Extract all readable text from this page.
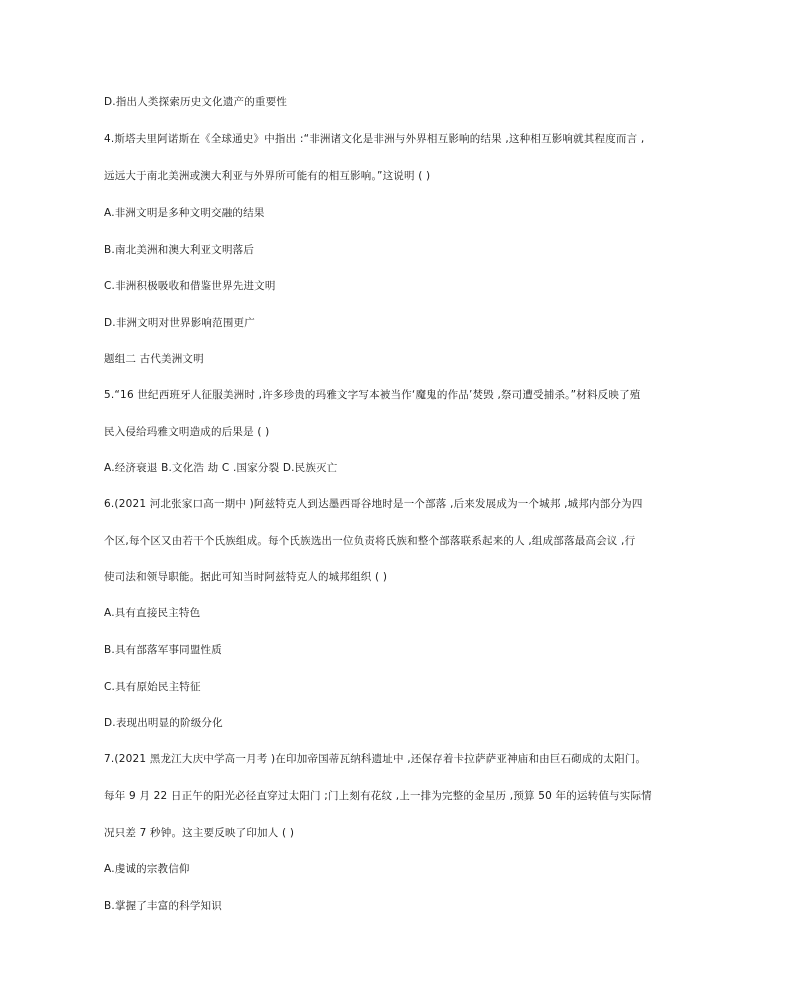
D.指出人类探索历史文化遗产的重要性
4.斯塔夫里阿诺斯在《全球通史》中指出 :“非洲诸文化是非洲与外界相互影响的结果 ,这种相互影响就其程度而言 ,
远远大于南北美洲或澳大利亚与外界所可能有的相互影响。”这说明 ( )
A.非洲文明是多种文明交融的结果
B.南北美洲和澳大利亚文明落后
C.非洲积极吸收和借鉴世界先进文明
D.非洲文明对世界影响范围更广
题组二 古代美洲文明
5.“16 世纪西班牙人征服美洲时 ,许多珍贵的玛雅文字写本被当作‘魔鬼的作品’焚毁 ,祭司遭受捕杀。”材料反映了殖
民入侵给玛雅文明造成的后果是 ( )
A.经济衰退 B.文化浩 劫 C .国家分裂 D.民族灭亡
6.(2021 河北张家口高一期中 )阿兹特克人到达墨西哥谷地时是一个部落 ,后来发展成为一个城邦 ,城邦内部分为四
个区,每个区又由若干个氏族组成。每个氏族选出一位负责将氏族和整个部落联系起来的人 ,组成部落最高会议 ,行
使司法和领导职能。据此可知当时阿兹特克人的城邦组织 ( )
A.具有直接民主特色
B.具有部落军事同盟性质
C.具有原始民主特征
D.表现出明显的阶级分化
7.(2021 黑龙江大庆中学高一月考 )在印加帝国蒂瓦纳科遗址中 ,还保存着卡拉萨萨亚神庙和由巨石砌成的太阳门。
每年 9 月 22 日正午的阳光必径直穿过太阳门 ;门上刻有花纹 ,上一排为完整的金星历 ,预算 50 年的运转值与实际情
况只差 7 秒钟。这主要反映了印加人 ( )
A.虔诚的宗教信仰
B.掌握了丰富的科学知识
